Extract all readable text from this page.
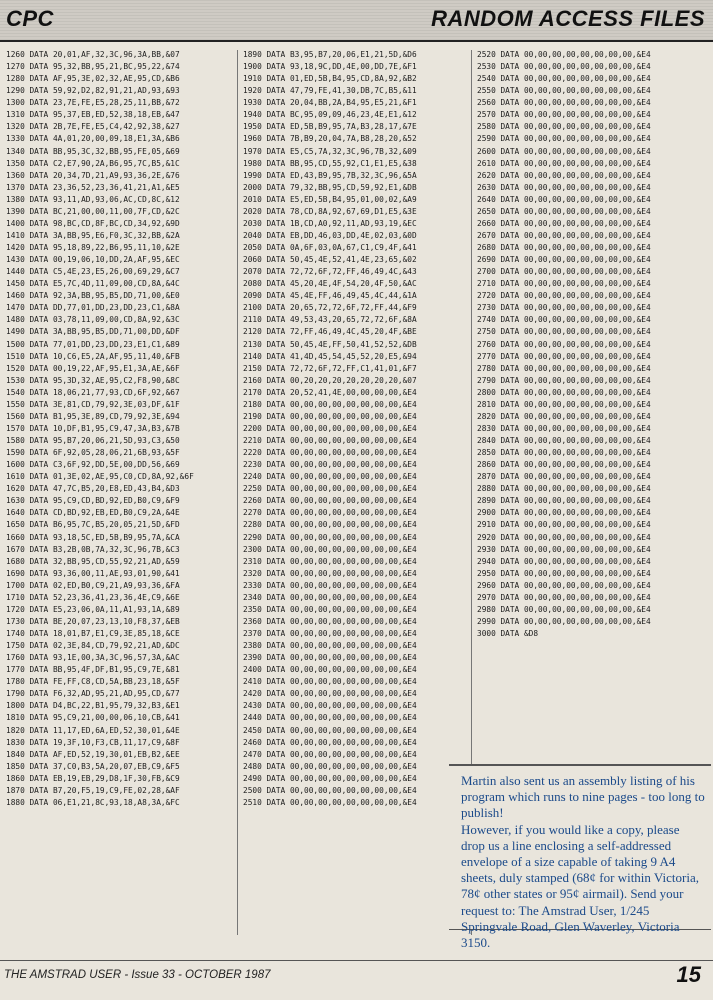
CPC	RANDOM ACCESS FILES
1260 DATA 20,01,AF,32,3C,96,3A,BB,&07
1270 DATA 95,32,BB,95,21,BC,95,22,&74
1280 DATA AF,95,3E,02,32,AE,95,CD,&B6
1290 DATA 59,92,D2,82,91,21,AD,93,&93
1300 DATA 23,7E,FE,E5,28,25,11,BB,&72
1310 DATA 95,37,EB,ED,52,38,18,EB,&47
1320 DATA 2B,7E,FE,E5,C4,42,92,38,&27
1330 DATA 4A,01,20,00,09,18,E1,3A,&B6
1340 DATA BB,95,3C,32,BB,95,FE,05,&69
1350 DATA C2,E7,90,2A,B6,95,7C,B5,&1C
1360 DATA 20,34,7D,21,A9,93,36,2E,&76
1370 DATA 23,36,52,23,36,41,21,A1,&E5
1380 DATA 93,11,AD,93,06,AC,CD,8C,&12
1390 DATA BC,21,00,00,11,00,7F,CD,&2C
1400 DATA 98,BC,CD,8F,BC,CD,34,92,&9D
1410 DATA 3A,BB,95,E6,F0,3C,32,BB,&2A
1420 DATA 95,18,89,22,B6,95,11,10,&2E
1430 DATA 00,19,06,10,DD,2A,AF,95,&EC
1440 DATA C5,4E,23,E5,26,00,69,29,&C7
1450 DATA E5,7C,4D,11,09,00,CD,8A,&4C
1460 DATA 92,3A,BB,95,B5,DD,71,00,&E0
1470 DATA DD,77,01,DD,23,DD,23,C1,&8A
1480 DATA 03,78,11,09,00,CD,8A,92,&3C
1490 DATA 3A,BB,95,B5,DD,71,00,DD,&DF
1500 DATA 77,01,DD,23,DD,23,E1,C1,&89
1510 DATA 10,C6,E5,2A,AF,95,11,40,&FB
1520 DATA 00,19,22,AF,95,E1,3A,AE,&6F
1530 DATA 95,3D,32,AE,95,C2,F8,90,&8C
1540 DATA 18,06,21,77,93,CD,6F,92,&67
1550 DATA 3E,81,CD,79,92,3E,03,DF,&1F
1560 DATA B1,95,3E,89,CD,79,92,3E,&94
1570 DATA 10,DF,B1,95,C9,47,3A,B3,&7B
1580 DATA 95,B7,20,06,21,5D,93,C3,&50
1590 DATA 6F,92,05,28,06,21,6B,93,&5F
1600 DATA C3,6F,92,DD,5E,00,DD,56,&69
1610 DATA 01,3E,02,AE,95,C0,CD,8A,92,&6F
1620 DATA 47,7C,B5,20,E8,ED,43,B4,&D3
1630 DATA 95,C9,CD,BD,92,ED,B0,C9,&F9
1640 DATA CD,BD,92,EB,ED,B0,C9,2A,&4E
1650 DATA B6,95,7C,B5,20,05,21,5D,&FD
1660 DATA 93,18,5C,ED,5B,B9,95,7A,&CA
1670 DATA B3,2B,0B,7A,32,3C,96,7B,&C3
1680 DATA 32,BB,95,CD,55,92,21,AD,&59
1690 DATA 93,36,00,11,AE,93,01,90,&41
1700 DATA 02,ED,B0,C9,21,A9,93,36,&FA
1710 DATA 52,23,36,41,23,36,4E,C9,&6E
1720 DATA E5,23,06,0A,11,A1,93,1A,&89
1730 DATA BE,20,07,23,13,10,F8,37,&EB
1740 DATA 18,01,B7,E1,C9,3E,85,18,&CE
1750 DATA 02,3E,84,CD,79,92,21,AD,&DC
1760 DATA 93,1E,00,3A,3C,96,57,3A,&AC
1770 DATA BB,95,4F,DF,B1,95,C9,7E,&81
1780 DATA FE,FF,C8,CD,5A,BB,23,18,&5F
1790 DATA F6,32,AD,95,21,AD,95,CD,&77
1800 DATA D4,BC,22,B1,95,79,32,B3,&E1
1810 DATA 95,C9,21,00,00,06,10,CB,&41
1820 DATA 11,17,ED,6A,ED,52,30,01,&4E
1830 DATA 19,3F,10,F3,CB,11,17,C9,&8F
1840 DATA AF,ED,52,19,30,01,EB,B2,&EE
1850 DATA 37,C0,B3,5A,20,07,EB,C9,&F5
1860 DATA EB,19,EB,29,D8,1F,30,FB,&C9
1870 DATA B7,20,F5,19,C9,FE,02,28,&AF
1880 DATA 06,E1,21,8C,93,18,A8,3A,&FC
1890 DATA B3,95,B7,20,06,E1,21,5D,&D6
1900 DATA 93,18,9C,DD,4E,00,DD,7E,&F1
1910 DATA 01,ED,5B,B4,95,CD,8A,92,&B2
1920 DATA 47,79,FE,41,30,DB,7C,B5,&11
1930 DATA 20,04,BB,2A,B4,95,E5,21,&F1
1940 DATA BC,95,09,09,46,23,4E,E1,&12
1950 DATA ED,5B,B9,95,7A,B3,28,17,&7E
1960 DATA 7B,B9,20,04,7A,B8,28,20,&52
1970 DATA E5,C5,7A,32,3C,96,7B,32,&09
1980 DATA BB,95,CD,55,92,C1,E1,E5,&38
1990 DATA ED,43,B9,95,7B,32,3C,96,&5A
2000 DATA 79,32,BB,95,CD,59,92,E1,&DB
2010 DATA E5,ED,5B,B4,95,01,00,02,&A9
2020 DATA 78,CD,8A,92,67,69,D1,E5,&3E
2030 DATA 1B,CD,A0,92,11,AD,93,19,&EC
2040 DATA EB,DD,46,03,DD,4E,02,03,&0D
2050 DATA 0A,6F,03,0A,67,C1,C9,4F,&41
2060 DATA 50,45,4E,52,41,4E,23,65,&02
2070 DATA 72,72,6F,72,FF,46,49,4C,&43
2080 DATA 45,20,4E,4F,54,20,4F,50,&AC
2090 DATA 45,4E,FF,46,49,45,4C,44,&1A
2100 DATA 20,65,72,72,6F,72,FF,44,&F9
2110 DATA 49,53,43,20,65,72,72,6F,&8A
2120 DATA 72,FF,46,49,4C,45,20,4F,&BE
2130 DATA 50,45,4E,FF,50,41,52,52,&DB
2140 DATA 41,4D,45,54,45,52,20,E5,&94
2150 DATA 72,72,6F,72,FF,C1,41,01,&F7
2160 DATA 00,20,20,20,20,20,20,20,&07
2170 DATA 20,52,41,4E,00,00,00,00,&E4
2180 DATA 00,00,00,00,00,00,00,00,&E4
2190 DATA 00,00,00,00,00,00,00,00,&E4
2200 DATA 00,00,00,00,00,00,00,00,&E4
2210 DATA 00,00,00,00,00,00,00,00,&E4
2220 DATA 00,00,00,00,00,00,00,00,&E4
2230 DATA 00,00,00,00,00,00,00,00,&E4
2240 DATA 00,00,00,00,00,00,00,00,&E4
2250 DATA 00,00,00,00,00,00,00,00,&E4
2260 DATA 00,00,00,00,00,00,00,00,&E4
2270 DATA 00,00,00,00,00,00,00,00,&E4
2280 DATA 00,00,00,00,00,00,00,00,&E4
2290 DATA 00,00,00,00,00,00,00,00,&E4
2300 DATA 00,00,00,00,00,00,00,00,&E4
2310 DATA 00,00,00,00,00,00,00,00,&E4
2320 DATA 00,00,00,00,00,00,00,00,&E4
2330 DATA 00,00,00,00,00,00,00,00,&E4
2340 DATA 00,00,00,00,00,00,00,00,&E4
2350 DATA 00,00,00,00,00,00,00,00,&E4
2360 DATA 00,00,00,00,00,00,00,00,&E4
2370 DATA 00,00,00,00,00,00,00,00,&E4
2380 DATA 00,00,00,00,00,00,00,00,&E4
2390 DATA 00,00,00,00,00,00,00,00,&E4
2400 DATA 00,00,00,00,00,00,00,00,&E4
2410 DATA 00,00,00,00,00,00,00,00,&E4
2420 DATA 00,00,00,00,00,00,00,00,&E4
2430 DATA 00,00,00,00,00,00,00,00,&E4
2440 DATA 00,00,00,00,00,00,00,00,&E4
2450 DATA 00,00,00,00,00,00,00,00,&E4
2460 DATA 00,00,00,00,00,00,00,00,&E4
2470 DATA 00,00,00,00,00,00,00,00,&E4
2480 DATA 00,00,00,00,00,00,00,00,&E4
2490 DATA 00,00,00,00,00,00,00,00,&E4
2500 DATA 00,00,00,00,00,00,00,00,&E4
2510 DATA 00,00,00,00,00,00,00,00,&E4
2520 DATA 00,00,00,00,00,00,00,00,&E4
2530 DATA 00,00,00,00,00,00,00,00,&E4
2540 DATA 00,00,00,00,00,00,00,00,&E4
2550 DATA 00,00,00,00,00,00,00,00,&E4
2560 DATA 00,00,00,00,00,00,00,00,&E4
2570 DATA 00,00,00,00,00,00,00,00,&E4
2580 DATA 00,00,00,00,00,00,00,00,&E4
2590 DATA 00,00,00,00,00,00,00,00,&E4
2600 DATA 00,00,00,00,00,00,00,00,&E4
2610 DATA 00,00,00,00,00,00,00,00,&E4
2620 DATA 00,00,00,00,00,00,00,00,&E4
2630 DATA 00,00,00,00,00,00,00,00,&E4
2640 DATA 00,00,00,00,00,00,00,00,&E4
2650 DATA 00,00,00,00,00,00,00,00,&E4
2660 DATA 00,00,00,00,00,00,00,00,&E4
2670 DATA 00,00,00,00,00,00,00,00,&E4
2680 DATA 00,00,00,00,00,00,00,00,&E4
2690 DATA 00,00,00,00,00,00,00,00,&E4
2700 DATA 00,00,00,00,00,00,00,00,&E4
2710 DATA 00,00,00,00,00,00,00,00,&E4
2720 DATA 00,00,00,00,00,00,00,00,&E4
2730 DATA 00,00,00,00,00,00,00,00,&E4
2740 DATA 00,00,00,00,00,00,00,00,&E4
2750 DATA 00,00,00,00,00,00,00,00,&E4
2760 DATA 00,00,00,00,00,00,00,00,&E4
2770 DATA 00,00,00,00,00,00,00,00,&E4
2780 DATA 00,00,00,00,00,00,00,00,&E4
2790 DATA 00,00,00,00,00,00,00,00,&E4
2800 DATA 00,00,00,00,00,00,00,00,&E4
2810 DATA 00,00,00,00,00,00,00,00,&E4
2820 DATA 00,00,00,00,00,00,00,00,&E4
2830 DATA 00,00,00,00,00,00,00,00,&E4
2840 DATA 00,00,00,00,00,00,00,00,&E4
2850 DATA 00,00,00,00,00,00,00,00,&E4
2860 DATA 00,00,00,00,00,00,00,00,&E4
2870 DATA 00,00,00,00,00,00,00,00,&E4
2880 DATA 00,00,00,00,00,00,00,00,&E4
2890 DATA 00,00,00,00,00,00,00,00,&E4
2900 DATA 00,00,00,00,00,00,00,00,&E4
2910 DATA 00,00,00,00,00,00,00,00,&E4
2920 DATA 00,00,00,00,00,00,00,00,&E4
2930 DATA 00,00,00,00,00,00,00,00,&E4
2940 DATA 00,00,00,00,00,00,00,00,&E4
2950 DATA 00,00,00,00,00,00,00,00,&E4
2960 DATA 00,00,00,00,00,00,00,00,&E4
2970 DATA 00,00,00,00,00,00,00,00,&E4
2980 DATA 00,00,00,00,00,00,00,00,&E4
2990 DATA 00,00,00,00,00,00,00,00,&E4
3000 DATA &D8

Martin also sent us an assembly listing of his program which runs to nine pages - too long to publish!

However, if you would like a copy, please drop us a line enclosing a self-addressed envelope of a size capable of taking 9 A4 sheets, duly stamped (68¢ for within Victoria, 78¢ other states or 95¢ airmail). Send your request to: The Amstrad User, 1/245 Springvale Road, Glen Waverley, Victoria 3150.

THE AMSTRAD USER - Issue 33 - OCTOBER 1987	15
